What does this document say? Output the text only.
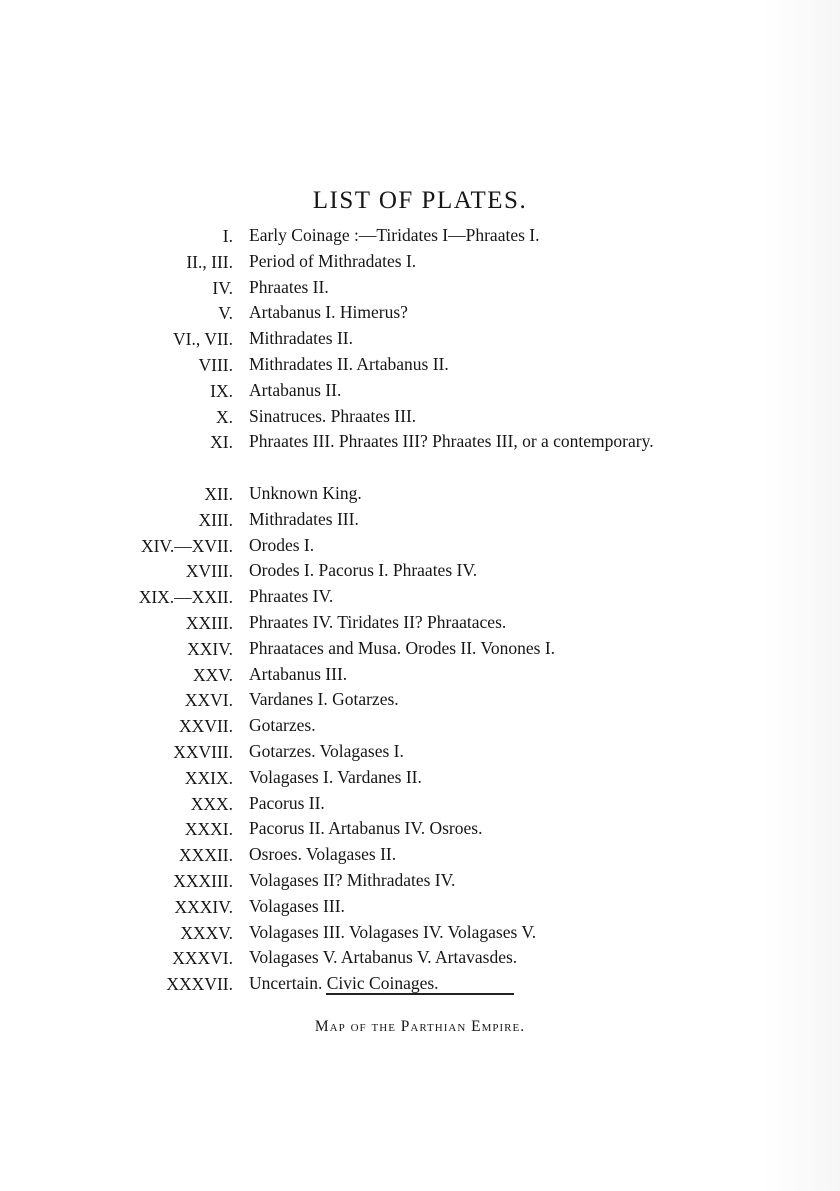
LIST OF PLATES.
I. Early Coinage :—Tiridates I—Phraates I.
II., III. Period of Mithradates I.
IV. Phraates II.
V. Artabanus I. Himerus?
VI., VII. Mithradates II.
VIII. Mithradates II. Artabanus II.
IX. Artabanus II.
X. Sinatruces. Phraates III.
XI. Phraates III. Phraates III? Phraates III, or a contemporary.
XII. Unknown King.
XIII. Mithradates III.
XIV.—XVII. Orodes I.
XVIII. Orodes I. Pacorus I. Phraates IV.
XIX.—XXII. Phraates IV.
XXIII. Phraates IV. Tiridates II? Phraataces.
XXIV. Phraataces and Musa. Orodes II. Vonones I.
XXV. Artabanus III.
XXVI. Vardanes I. Gotarzes.
XXVII. Gotarzes.
XXVIII. Gotarzes. Volagases I.
XXIX. Volagases I. Vardanes II.
XXX. Pacorus II.
XXXI. Pacorus II. Artabanus IV. Osroes.
XXXII. Osroes. Volagases II.
XXXIII. Volagases II? Mithradates IV.
XXXIV. Volagases III.
XXXV. Volagases III. Volagases IV. Volagases V.
XXXVI. Volagases V. Artabanus V. Artavasdes.
XXXVII. Uncertain. Civic Coinages.
Map of the Parthian Empire.
